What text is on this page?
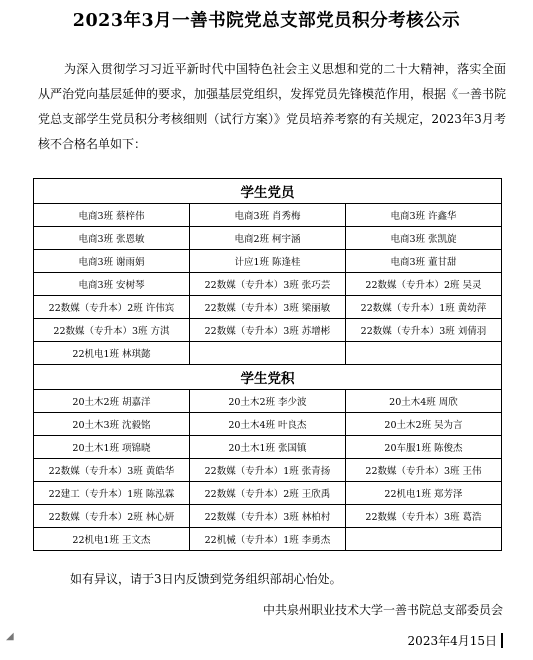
2023年3月一善书院党总支部党员积分考核公示
为深入贯彻学习习近平新时代中国特色社会主义思想和党的二十大精神，落实全面从严治党向基层延伸的要求，加强基层党组织，发挥党员先锋模范作用，根据《一善书院党总支部学生党员积分考核细则（试行方案）》党员培养考察的有关规定，2023年3月考核不合格名单如下：
学生党员		
电商3班 蔡梓伟	电商3班 肖秀梅	电商3班 许鑫华
电商3班 张恩敏	电商2班 柯宇涵	电商3班 张凯旋
电商3班 谢雨娟	计应1班 陈逢桂	电商3班 董甘甜
电商3班 安树琴	22数媒（专升本）3班 张巧芸	22数媒（专升本）2班 吴灵
22数媒（专升本）2班 许伟宾	22数媒（专升本）3班 梁丽敏	22数媒（专升本）1班 黄幼萍
22数媒（专升本）3班 方淇	22数媒（专升本）3班 苏增彬	22数媒（专升本）3班 刘倩羽
22机电1班 林琪懿		
学生党积		
20土木2班 胡嘉洋	20土木2班 李少波	20土木4班 周欣
20土木3班 沈毅铭	20土木4班 叶良杰	20土木2班 吴为言
20土木1班 项锦晓	20土木1班 张国镇	20车服1班 陈俊杰
22数媒（专升本）3班 黄皓华	22数媒（专升本）1班 张青扬	22数媒（专升本）3班 王伟
22建工（专升本）1班 陈泓霖	22数媒（专升本）2班 王欣禹	22机电1班 郑芳泽
22数媒（专升本）2班 林心妍	22数媒（专升本）3班 林柏村	22数媒（专升本）3班 葛浩
22机电1班 王文杰	22机械（专升本）1班 李勇杰	
如有异议，请于3日内反馈到党务组织部胡心怡处。
中共泉州职业技术大学一善书院总支部委员会
2023年4月15日
◢
